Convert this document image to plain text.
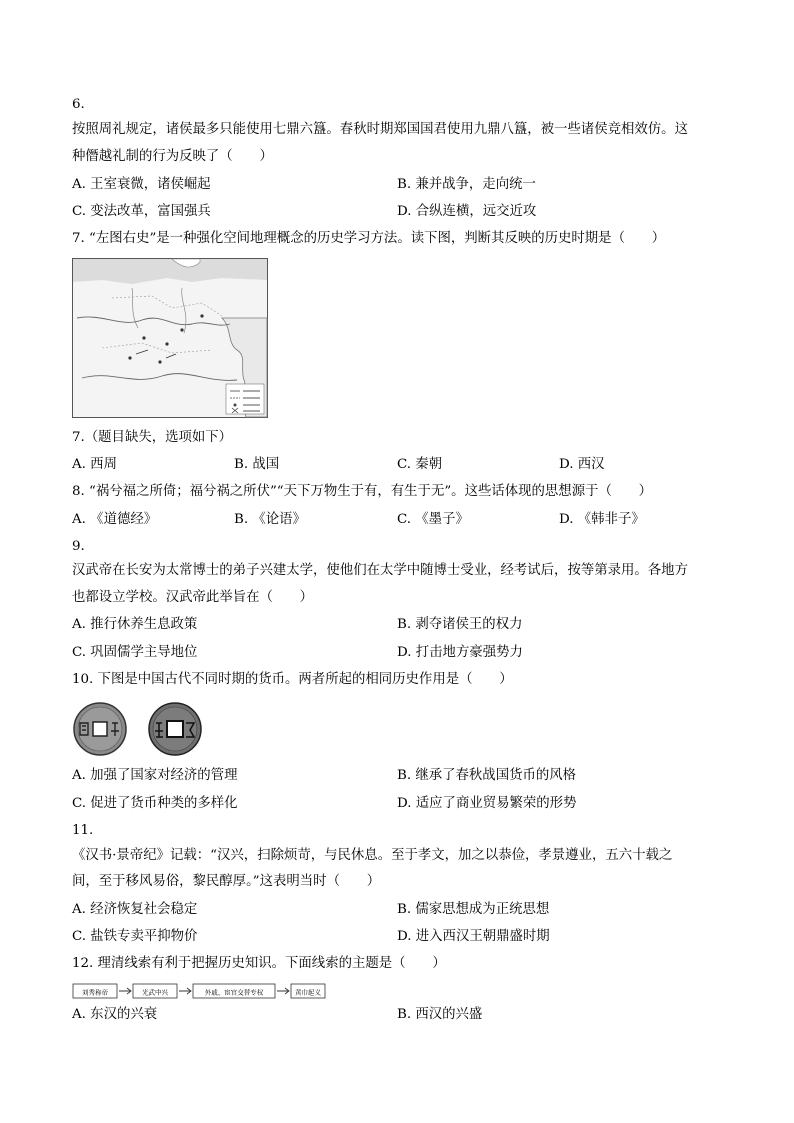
6.
按照周礼规定，诸侯最多只能使用七鼎六簋。春秋时期郑国国君使用九鼎八簋，被一些诸侯竞相效仿。这
种僭越礼制的行为反映了（　　）
A. 王室衰微，诸侯崛起	B. 兼并战争，走向统一
C. 变法改革，富国强兵	D. 合纵连横，远交近攻
7. “左图右史”是一种强化空间地理概念的历史学习方法。读下图，判断其反映的历史时期是（　　）
7.（题目缺失，选项如下）
A. 西周	B. 战国	C. 秦朝	D. 西汉
8. “祸兮福之所倚；福兮祸之所伏”“天下万物生于有，有生于无”。这些话体现的思想源于（　　）
A. 《道德经》	B. 《论语》	C. 《墨子》	D. 《韩非子》
9.
汉武帝在长安为太常博士的弟子兴建太学，使他们在太学中随博士受业，经考试后，按等第录用。各地方
也都设立学校。汉武帝此举旨在（　　）
A. 推行休养生息政策	B. 剥夺诸侯王的权力
C. 巩固儒学主导地位	D. 打击地方豪强势力
10. 下图是中国古代不同时期的货币。两者所起的相同历史作用是（　　）
A. 加强了国家对经济的管理	B. 继承了春秋战国货币的风格
C. 促进了货币种类的多样化	D. 适应了商业贸易繁荣的形势
11.
《汉书·景帝纪》记载：“汉兴，扫除烦苛，与民休息。至于孝文，加之以恭俭，孝景遵业，五六十载之
间，至于移风易俗，黎民醇厚。”这表明当时（　　）
A. 经济恢复社会稳定	B. 儒家思想成为正统思想
C. 盐铁专卖平抑物价	D. 进入西汉王朝鼎盛时期
12. 理清线索有利于把握历史知识。下面线索的主题是（　　）
刘秀称帝	光武中兴	外戚、宦官交替专权	黄巾起义
A. 东汉的兴衰	B. 西汉的兴盛
